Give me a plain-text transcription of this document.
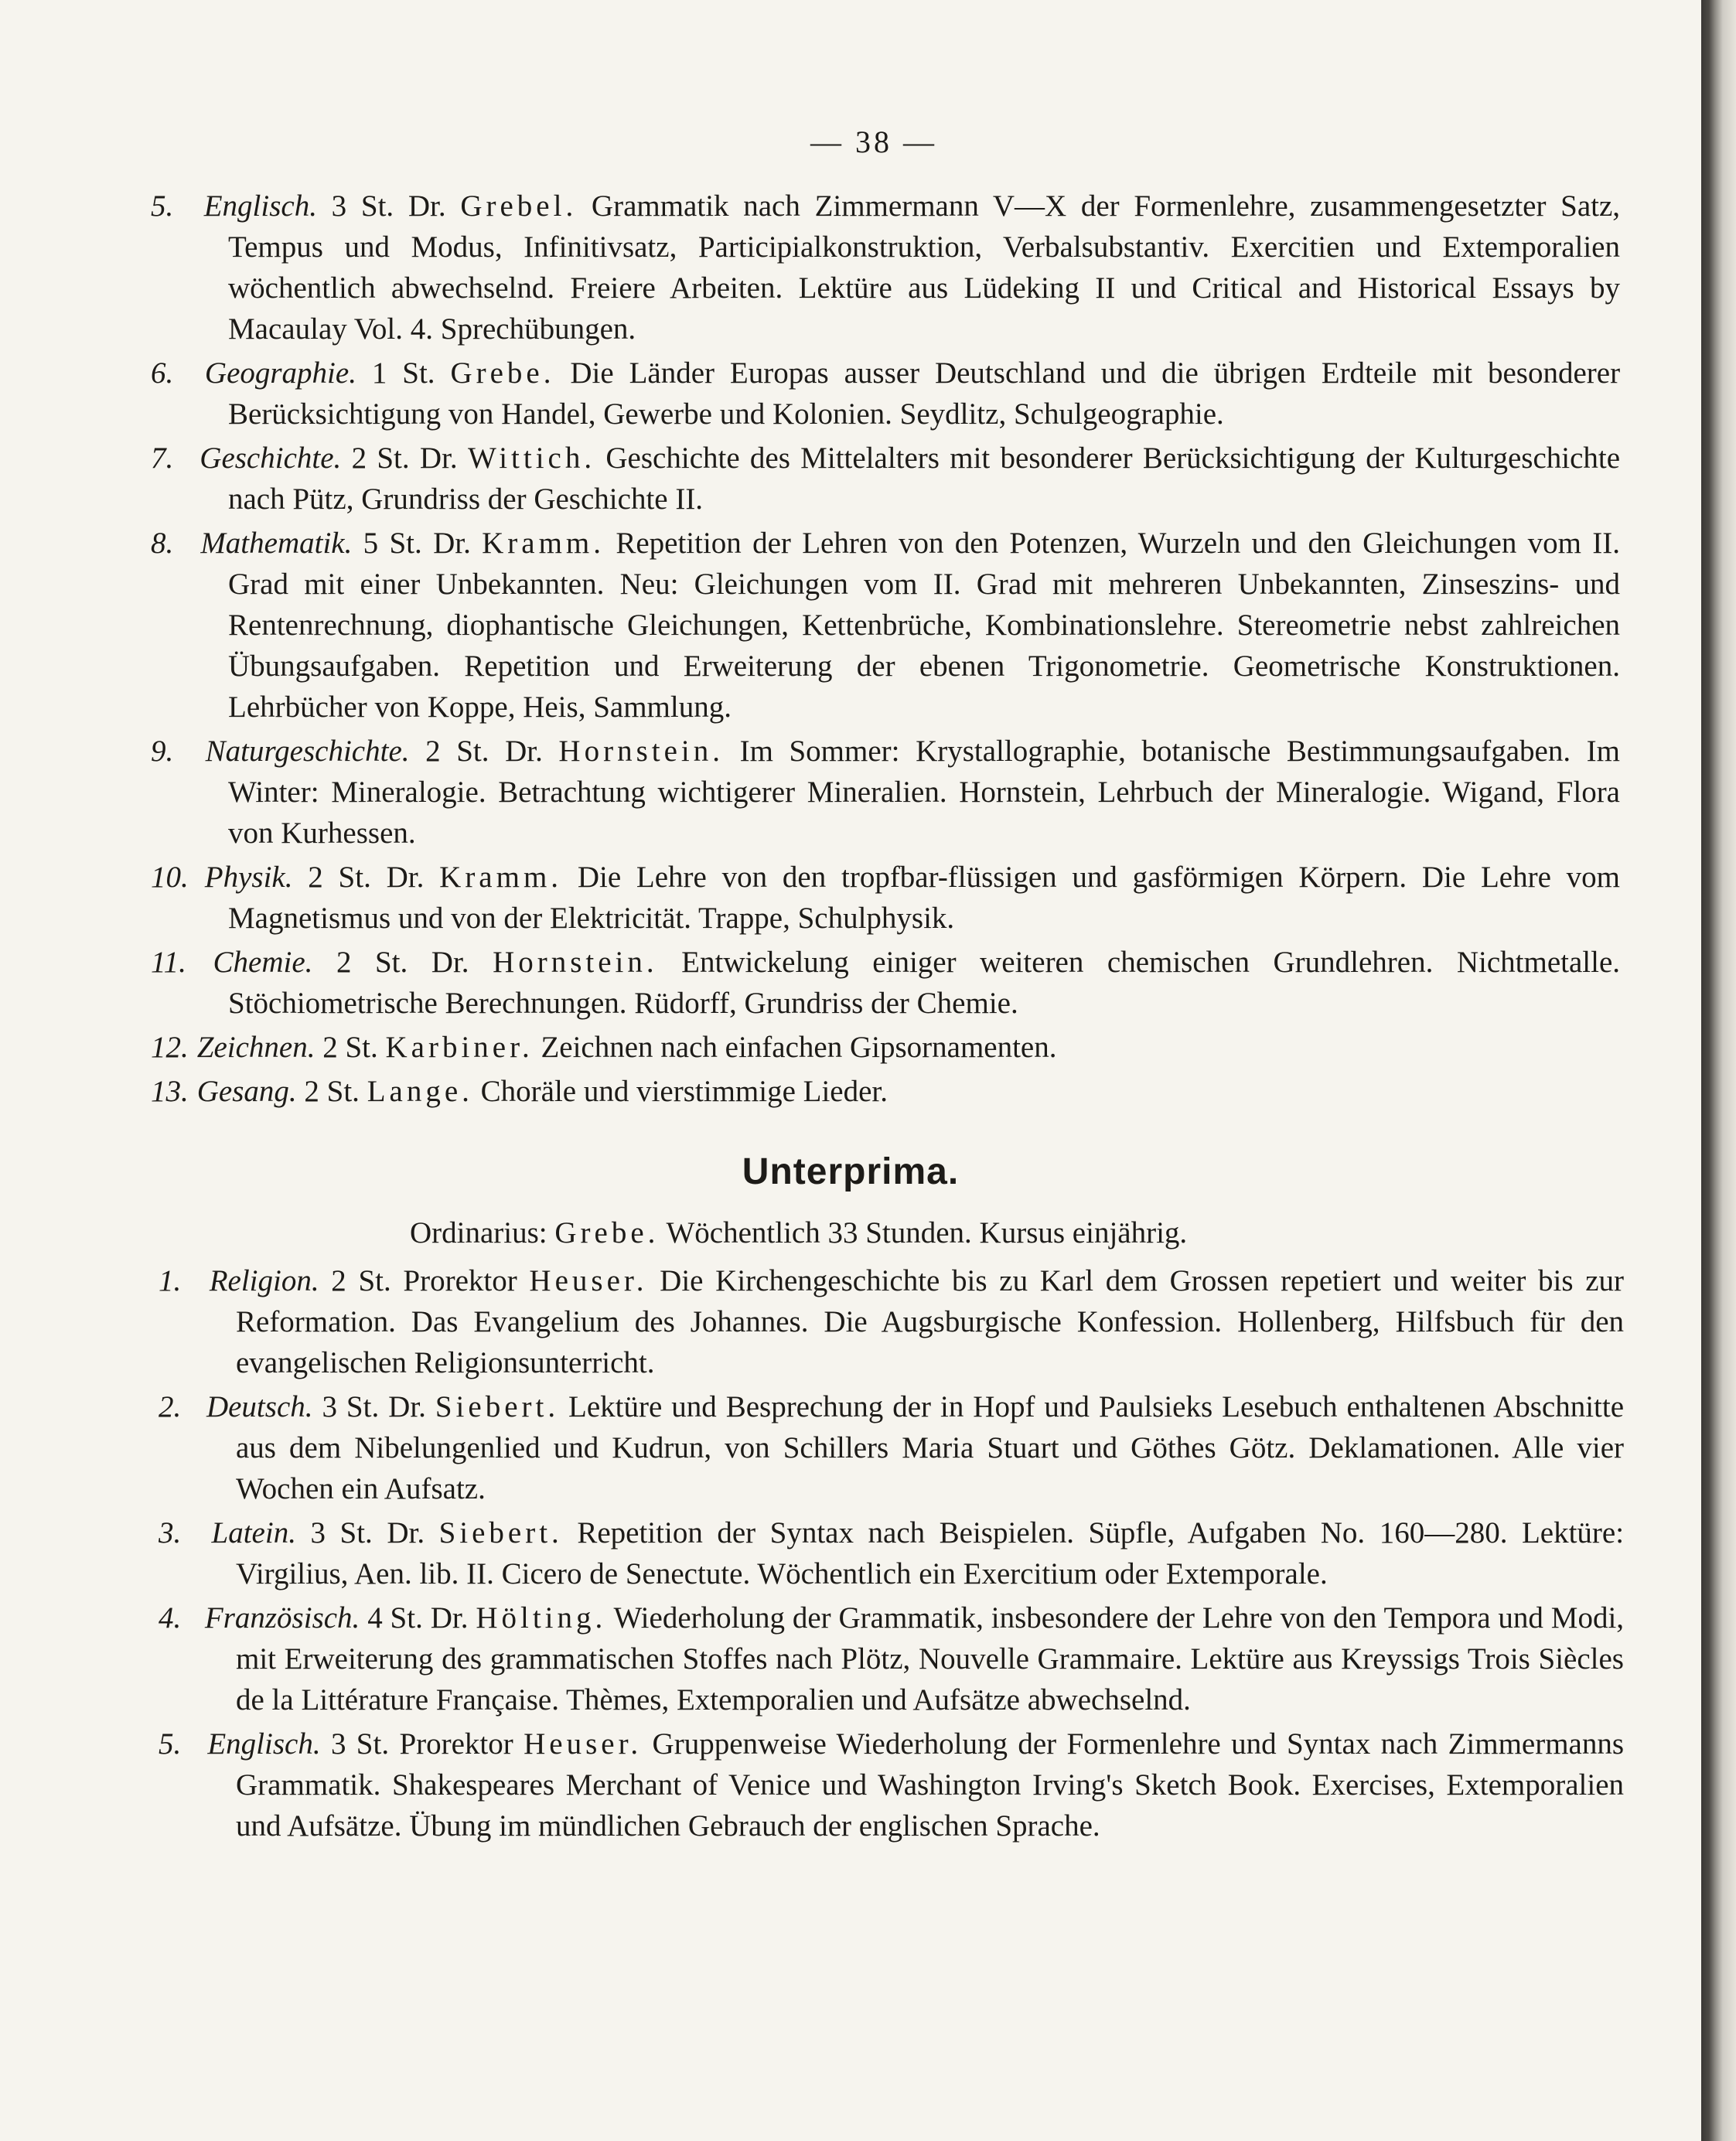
— 38 —

5. Englisch. 3 St. Dr. Grebel. Grammatik nach Zimmermann V—X der Formenlehre, zusammengesetzter Satz, Tempus und Modus, Infinitivsatz, Participialkonstruktion, Verbalsubstantiv. Exercitien und Extemporalien wöchentlich abwechselnd. Freiere Arbeiten. Lektüre aus Lüdeking II und Critical and Historical Essays by Macaulay Vol. 4. Sprechübungen.

6. Geographie. 1 St. Grebe. Die Länder Europas ausser Deutschland und die übrigen Erdteile mit besonderer Berücksichtigung von Handel, Gewerbe und Kolonien. Seydlitz, Schulgeographie.

7. Geschichte. 2 St. Dr. Wittich. Geschichte des Mittelalters mit besonderer Berücksichtigung der Kulturgeschichte nach Pütz, Grundriss der Geschichte II.

8. Mathematik. 5 St. Dr. Kramm. Repetition der Lehren von den Potenzen, Wurzeln und den Gleichungen vom II. Grad mit einer Unbekannten. Neu: Gleichungen vom II. Grad mit mehreren Unbekannten, Zinseszins- und Rentenrechnung, diophantische Gleichungen, Kettenbrüche, Kombinationslehre. Stereometrie nebst zahlreichen Übungsaufgaben. Repetition und Erweiterung der ebenen Trigonometrie. Geometrische Konstruktionen. Lehrbücher von Koppe, Heis, Sammlung.

9. Naturgeschichte. 2 St. Dr. Hornstein. Im Sommer: Krystallographie, botanische Bestimmungsaufgaben. Im Winter: Mineralogie. Betrachtung wichtigerer Mineralien. Hornstein, Lehrbuch der Mineralogie. Wigand, Flora von Kurhessen.

10. Physik. 2 St. Dr. Kramm. Die Lehre von den tropfbar-flüssigen und gasförmigen Körpern. Die Lehre vom Magnetismus und von der Elektricität. Trappe, Schulphysik.

11. Chemie. 2 St. Dr. Hornstein. Entwickelung einiger weiteren chemischen Grundlehren. Nichtmetalle. Stöchiometrische Berechnungen. Rüdorff, Grundriss der Chemie.

12. Zeichnen. 2 St. Karbiner. Zeichnen nach einfachen Gipsornamenten.

13. Gesang. 2 St. Lange. Choräle und vierstimmige Lieder.

Unterprima.
Ordinarius: Grebe. Wöchentlich 33 Stunden. Kursus einjährig.

1. Religion. 2 St. Prorektor Heuser. Die Kirchengeschichte bis zu Karl dem Grossen repetiert und weiter bis zur Reformation. Das Evangelium des Johannes. Die Augsburgische Konfession. Hollenberg, Hilfsbuch für den evangelischen Religionsunterricht.

2. Deutsch. 3 St. Dr. Siebert. Lektüre und Besprechung der in Hopf und Paulsieks Lesebuch enthaltenen Abschnitte aus dem Nibelungenlied und Kudrun, von Schillers Maria Stuart und Göthes Götz. Deklamationen. Alle vier Wochen ein Aufsatz.

3. Latein. 3 St. Dr. Siebert. Repetition der Syntax nach Beispielen. Süpfle, Aufgaben No. 160—280. Lektüre: Virgilius, Aen. lib. II. Cicero de Senectute. Wöchentlich ein Exercitium oder Extemporale.

4. Französisch. 4 St. Dr. Hölting. Wiederholung der Grammatik, insbesondere der Lehre von den Tempora und Modi, mit Erweiterung des grammatischen Stoffes nach Plötz, Nouvelle Grammaire. Lektüre aus Kreyssigs Trois Siècles de la Littérature Française. Thèmes, Extemporalien und Aufsätze abwechselnd.

5. Englisch. 3 St. Prorektor Heuser. Gruppenweise Wiederholung der Formenlehre und Syntax nach Zimmermanns Grammatik. Shakespeares Merchant of Venice und Washington Irving's Sketch Book. Exercises, Extemporalien und Aufsätze. Übung im mündlichen Gebrauch der englischen Sprache.
